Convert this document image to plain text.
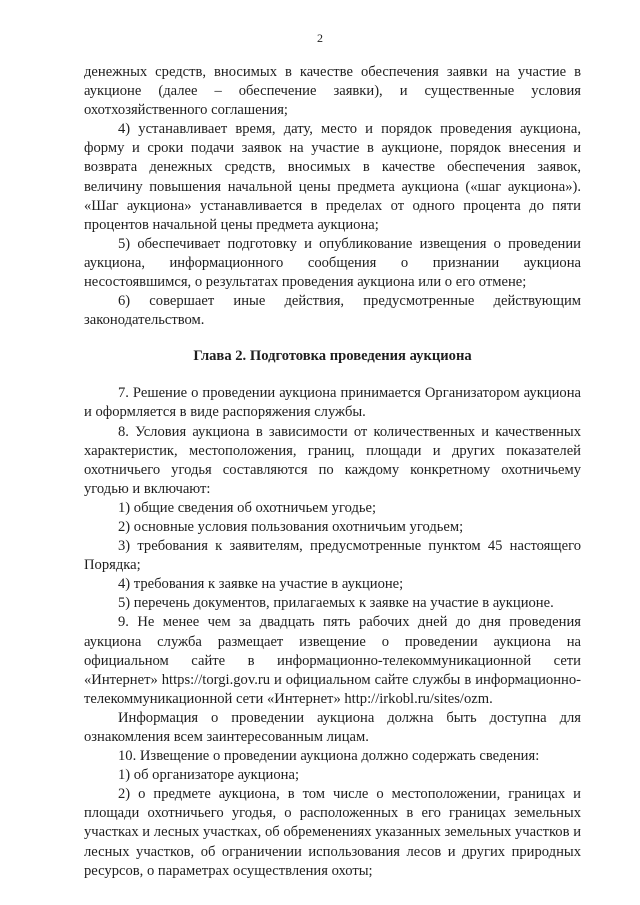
2

денежных средств, вносимых в качестве обеспечения заявки на участие в аукционе (далее – обеспечение заявки), и существенные условия охотхозяйственного соглашения;

4) устанавливает время, дату, место и порядок проведения аукциона, форму и сроки подачи заявок на участие в аукционе, порядок внесения и возврата денежных средств, вносимых в качестве обеспечения заявок, величину повышения начальной цены предмета аукциона («шаг аукциона»). «Шаг аукциона» устанавливается в пределах от одного процента до пяти процентов начальной цены предмета аукциона;

5) обеспечивает подготовку и опубликование извещения о проведении аукциона, информационного сообщения о признании аукциона несостоявшимся, о результатах проведения аукциона или о его отмене;

6) совершает иные действия, предусмотренные действующим законодательством.

Глава 2. Подготовка проведения аукциона

7. Решение о проведении аукциона принимается Организатором аукциона и оформляется в виде распоряжения службы.

8. Условия аукциона в зависимости от количественных и качественных характеристик, местоположения, границ, площади и других показателей охотничьего угодья составляются по каждому конкретному охотничьему угодью и включают:

1) общие сведения об охотничьем угодье;

2) основные условия пользования охотничьим угодьем;

3) требования к заявителям, предусмотренные пунктом 45 настоящего Порядка;

4) требования к заявке на участие в аукционе;

5) перечень документов, прилагаемых к заявке на участие в аукционе.

9. Не менее чем за двадцать пять рабочих дней до дня проведения аукциона служба размещает извещение о проведении аукциона на официальном сайте в информационно-телекоммуникационной сети «Интернет» https://torgi.gov.ru и официальном сайте службы в информационно-телекоммуникационной сети «Интернет» http://irkobl.ru/sites/ozm.

Информация о проведении аукциона должна быть доступна для ознакомления всем заинтересованным лицам.

10. Извещение о проведении аукциона должно содержать сведения:

1) об организаторе аукциона;

2) о предмете аукциона, в том числе о местоположении, границах и площади охотничьего угодья, о расположенных в его границах земельных участках и лесных участках, об обременениях указанных земельных участков и лесных участков, об ограничении использования лесов и других природных ресурсов, о параметрах осуществления охоты;
